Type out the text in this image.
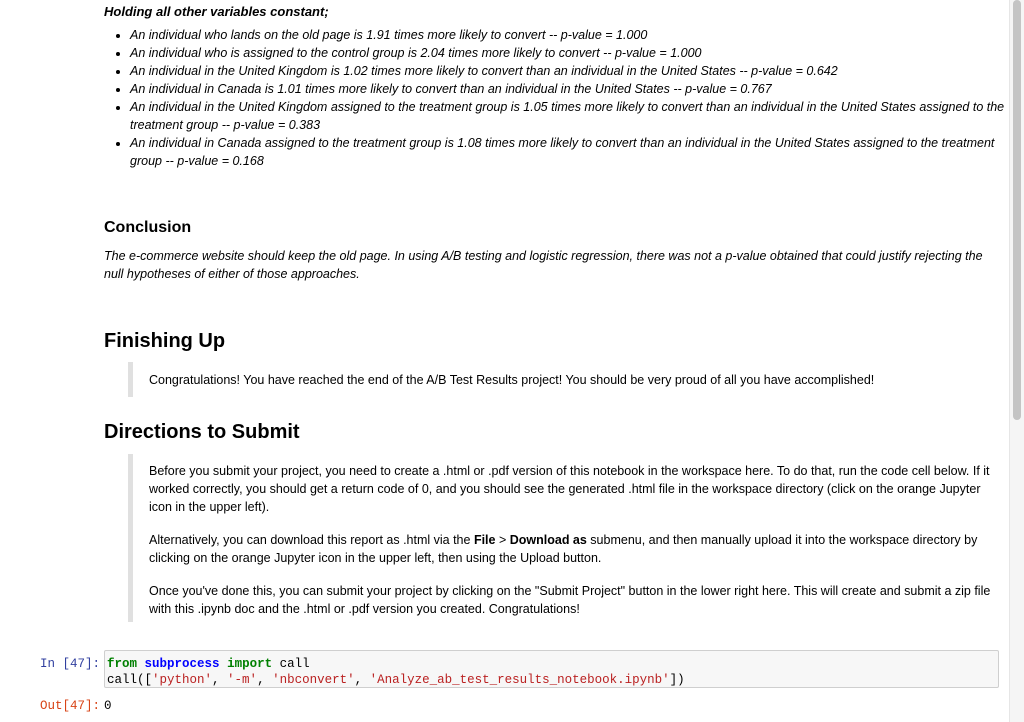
Holding all other variables constant;
• An individual who lands on the old page is 1.91 times more likely to convert -- p-value = 1.000
• An individual who is assigned to the control group is 2.04 times more likely to convert -- p-value = 1.000
• An individual in the United Kingdom is 1.02 times more likely to convert than an individual in the United States -- p-value = 0.642
• An individual in Canada is 1.01 times more likely to convert than an individual in the United States -- p-value = 0.767
• An individual in the United Kingdom assigned to the treatment group is 1.05 times more likely to convert than an individual in the United States assigned to the treatment group -- p-value = 0.383
• An individual in Canada assigned to the treatment group is 1.08 times more likely to convert than an individual in the United States assigned to the treatment group -- p-value = 0.168
Conclusion
The e-commerce website should keep the old page. In using A/B testing and logistic regression, there was not a p-value obtained that could justify rejecting the null hypotheses of either of those approaches.
Finishing Up

Congratulations! You have reached the end of the A/B Test Results project! You should be very proud of all you have accomplished!

Directions to Submit

Before you submit your project, you need to create a .html or .pdf version of this notebook in the workspace here. To do that, run the code cell below. If it worked correctly, you should get a return code of 0, and you should see the generated .html file in the workspace directory (click on the orange Jupyter icon in the upper left).

Alternatively, you can download this report as .html via the File > Download as submenu, and then manually upload it into the workspace directory by clicking on the orange Jupyter icon in the upper left, then using the Upload button.

Once you've done this, you can submit your project by clicking on the "Submit Project" button in the lower right here. This will create and submit a zip file with this .ipynb doc and the .html or .pdf version you created. Congratulations!

In [47]: from subprocess import call
call(['python', '-m', 'nbconvert', 'Analyze_ab_test_results_notebook.ipynb'])
Out[47]: 0
